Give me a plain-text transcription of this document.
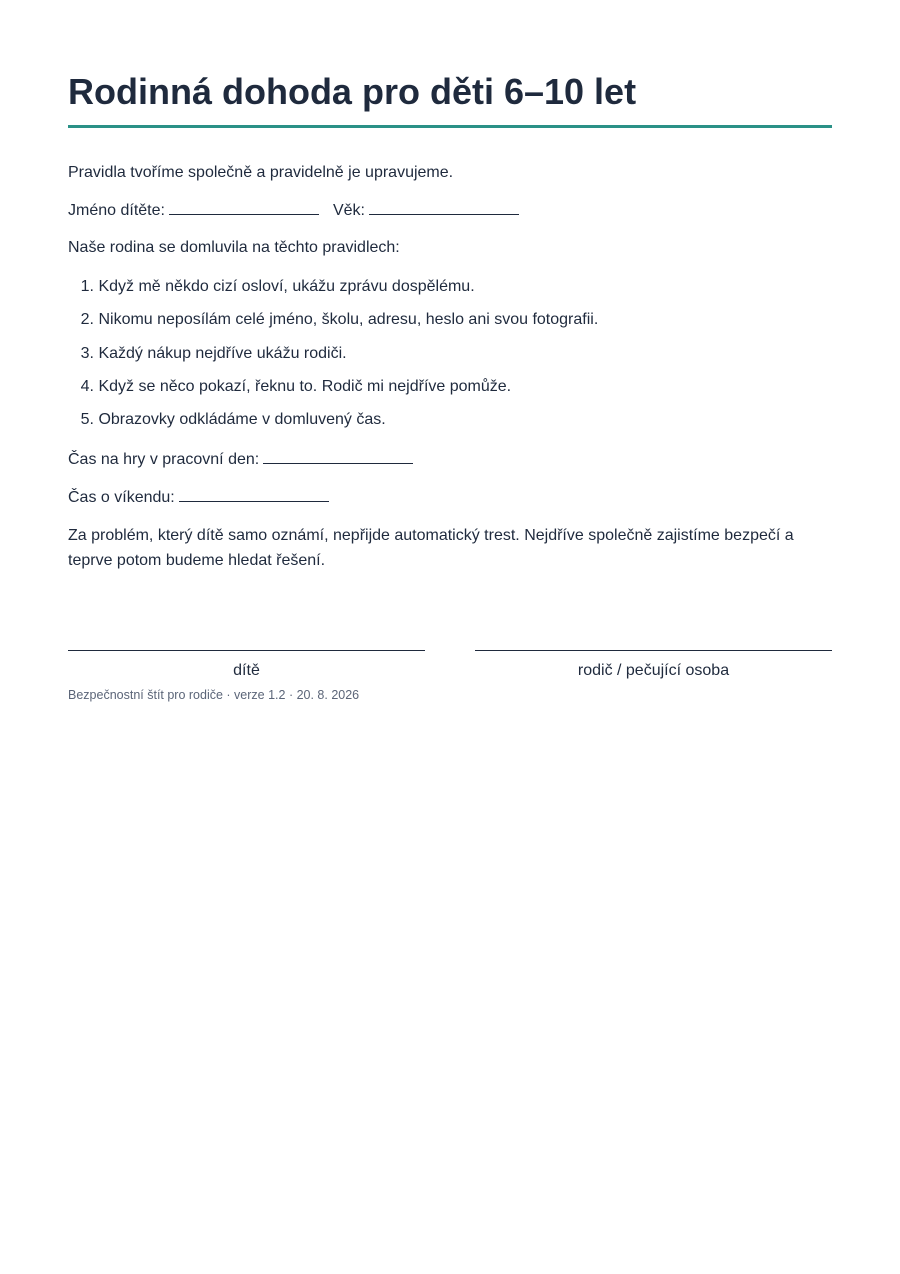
Rodinná dohoda pro děti 6–10 let
Pravidla tvoříme společně a pravidelně je upravujeme.
Jméno dítěte:	Věk:
Naše rodina se domluvila na těchto pravidlech:
1. Když mě někdo cizí osloví, ukážu zprávu dospělému.
2. Nikomu neposílám celé jméno, školu, adresu, heslo ani svou fotografii.
3. Každý nákup nejdříve ukážu rodiči.
4. Když se něco pokazí, řeknu to. Rodič mi nejdříve pomůže.
5. Obrazovky odkládáme v domluvený čas.
Čas na hry v pracovní den:
Čas o víkendu:
Za problém, který dítě samo oznámí, nepřijde automatický trest. Nejdříve společně zajistíme bezpečí a teprve potom budeme hledat řešení.
dítě	rodič / pečující osoba
Bezpečnostní štít pro rodiče · verze 1.2 · 20. 8. 2026
